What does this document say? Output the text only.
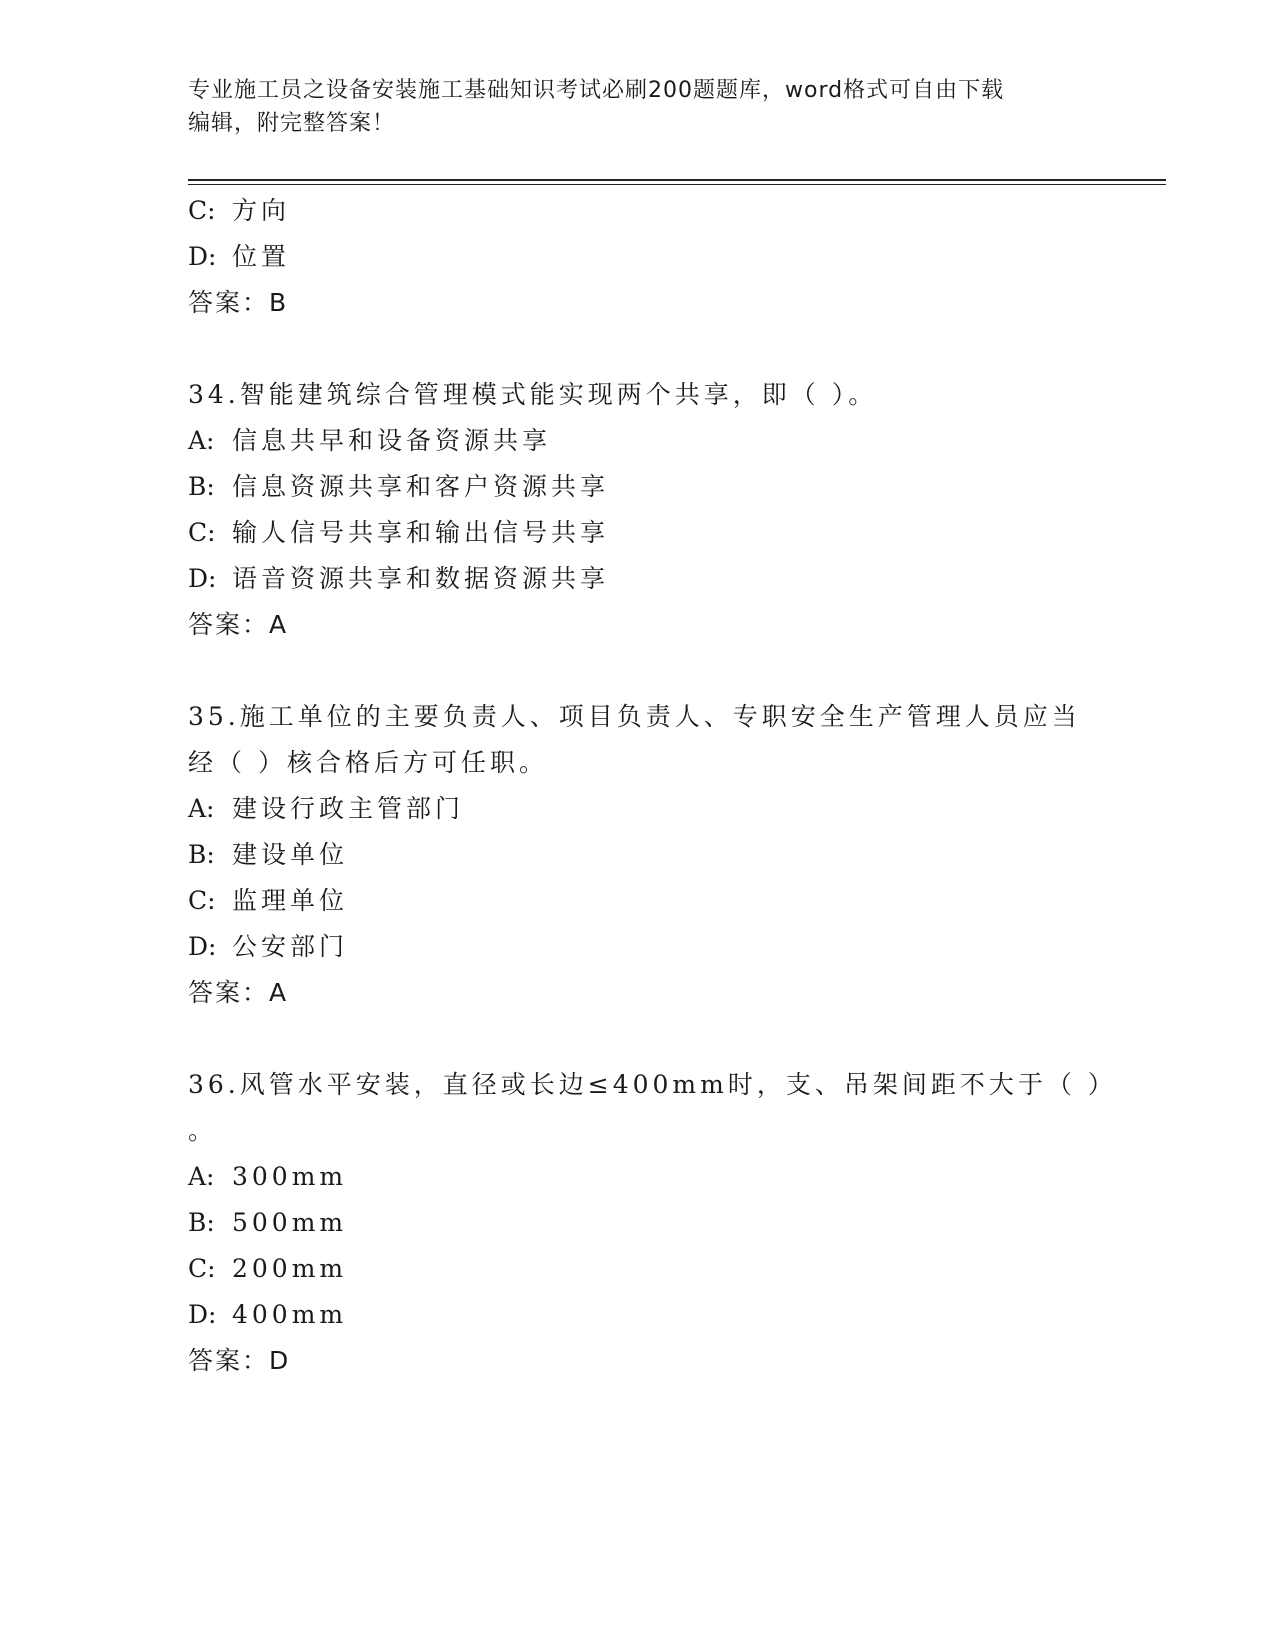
专业施工员之设备安装施工基础知识考试必刷200题题库，word格式可自由下载
编辑，附完整答案！
C: 方向
D: 位置
答案：B
34.智能建筑综合管理模式能实现两个共享，即（ ）。
A: 信息共早和设备资源共享
B: 信息资源共享和客户资源共享
C: 输人信号共享和输出信号共享
D: 语音资源共享和数据资源共享
答案：A
35.施工单位的主要负责人、项目负责人、专职安全生产管理人员应当
经（ ）核合格后方可任职。
A: 建设行政主管部门
B: 建设单位
C: 监理单位
D: 公安部门
答案：A
36.风管水平安装，直径或长边≤400mm时，支、吊架间距不大于（ ）
。
A: 300mm
B: 500mm
C: 200mm
D: 400mm
答案：D
